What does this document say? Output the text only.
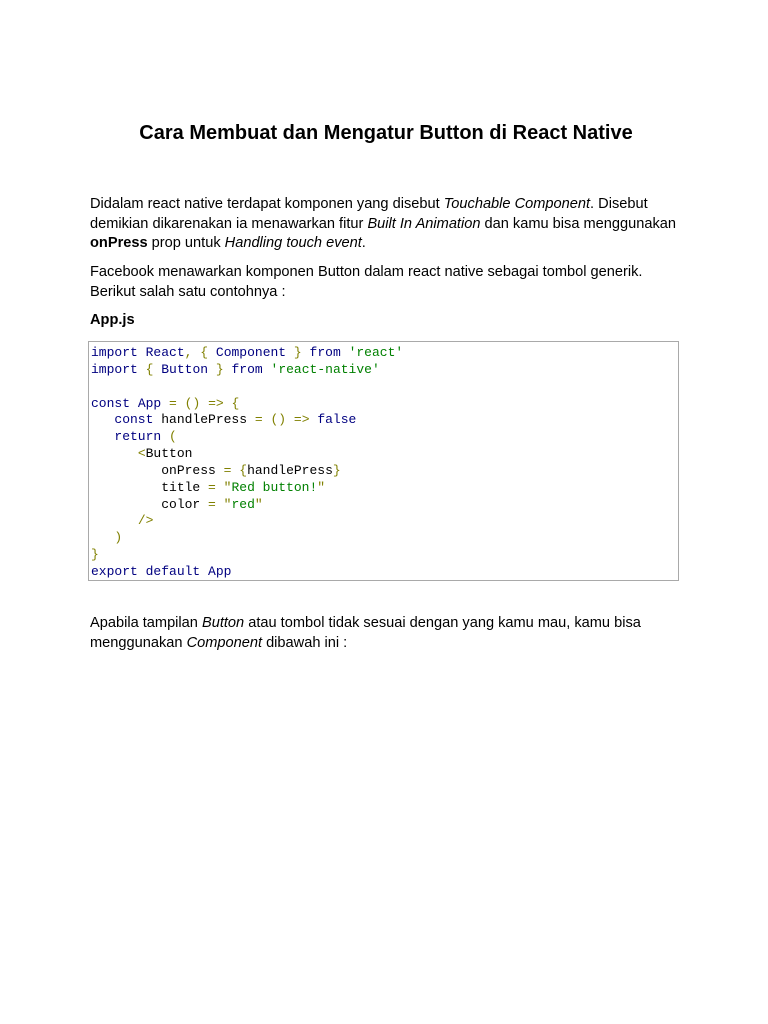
Cara Membuat dan Mengatur Button di React Native

Didalam react native terdapat komponen yang disebut Touchable Component. Disebut demikian dikarenakan ia menawarkan fitur Built In Animation dan kamu bisa menggunakan onPress prop untuk Handling touch event.

Facebook menawarkan komponen Button dalam react native sebagai tombol generik. Berikut salah satu contohnya :

App.js

import React, { Component } from 'react'
import { Button } from 'react-native'
const App = () => {
const handlePress = () => false
return (
<Button
onPress = {handlePress}
title = "Red button!"
color = "red"
/>
)
}
export default App

Apabila tampilan Button atau tombol tidak sesuai dengan yang kamu mau, kamu bisa menggunakan Component dibawah ini :
